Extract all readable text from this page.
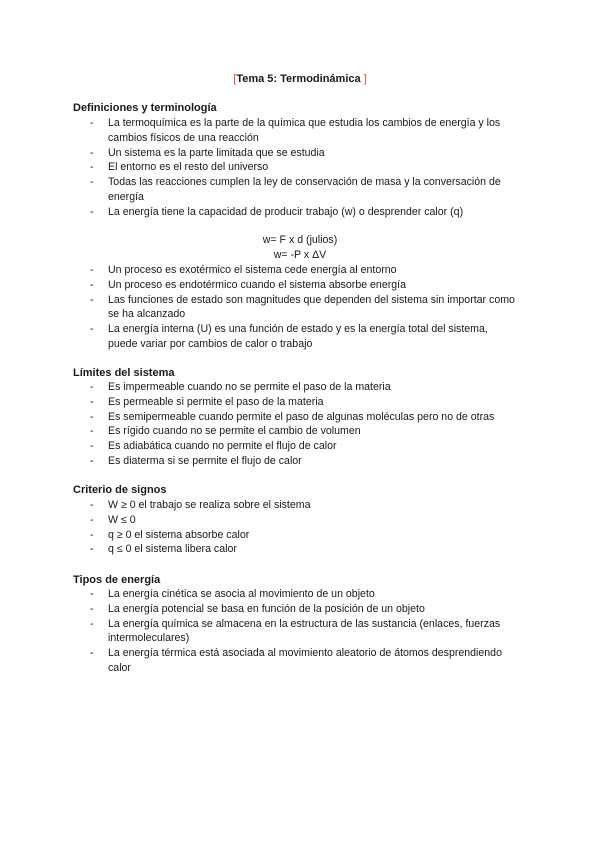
[Tema 5: Termodinámica ]
Definiciones y terminología
- La termoquímica es la parte de la química que estudia los cambios de energía y los cambios físicos de una reacción
- Un sistema es la parte limitada que se estudia
- El entorno es el resto del universo
- Todas las reacciones cumplen la ley de conservación de masa y la conversación de energía
- La energía tiene la capacidad de producir trabajo (w) o desprender calor (q)
w= F x d (julios)
w= -P x ΔV
- Un proceso es exotérmico el sistema cede energía al entorno
- Un proceso es endotérmico cuando el sistema absorbe energía
- Las funciones de estado son magnitudes que dependen del sistema sin importar como se ha alcanzado
- La energía interna (U) es una función de estado y es la energía total del sistema, puede variar por cambios de calor o trabajo
Límites del sistema
- Es impermeable cuando no se permite el paso de la materia
- Es permeable si permite el paso de la materia
- Es semipermeable cuando permite el paso de algunas moléculas pero no de otras
- Es rígido cuando no se permite el cambio de volumen
- Es adiabática cuando no permite el flujo de calor
- Es diaterma si se permite el flujo de calor
Criterio de signos
- W ≥ 0 el trabajo se realiza sobre el sistema
- W ≤ 0
- q ≥ 0 el sistema absorbe calor
- q ≤ 0 el sistema libera calor
Tipos de energía
- La energía cinética se asocia al movimiento de un objeto
- La energía potencial se basa en función de la posición de un objeto
- La energía química se almacena en la estructura de las sustancia (enlaces, fuerzas intermoleculares)
- La energía térmica está asociada al movimiento aleatorio de átomos desprendiendo calor
